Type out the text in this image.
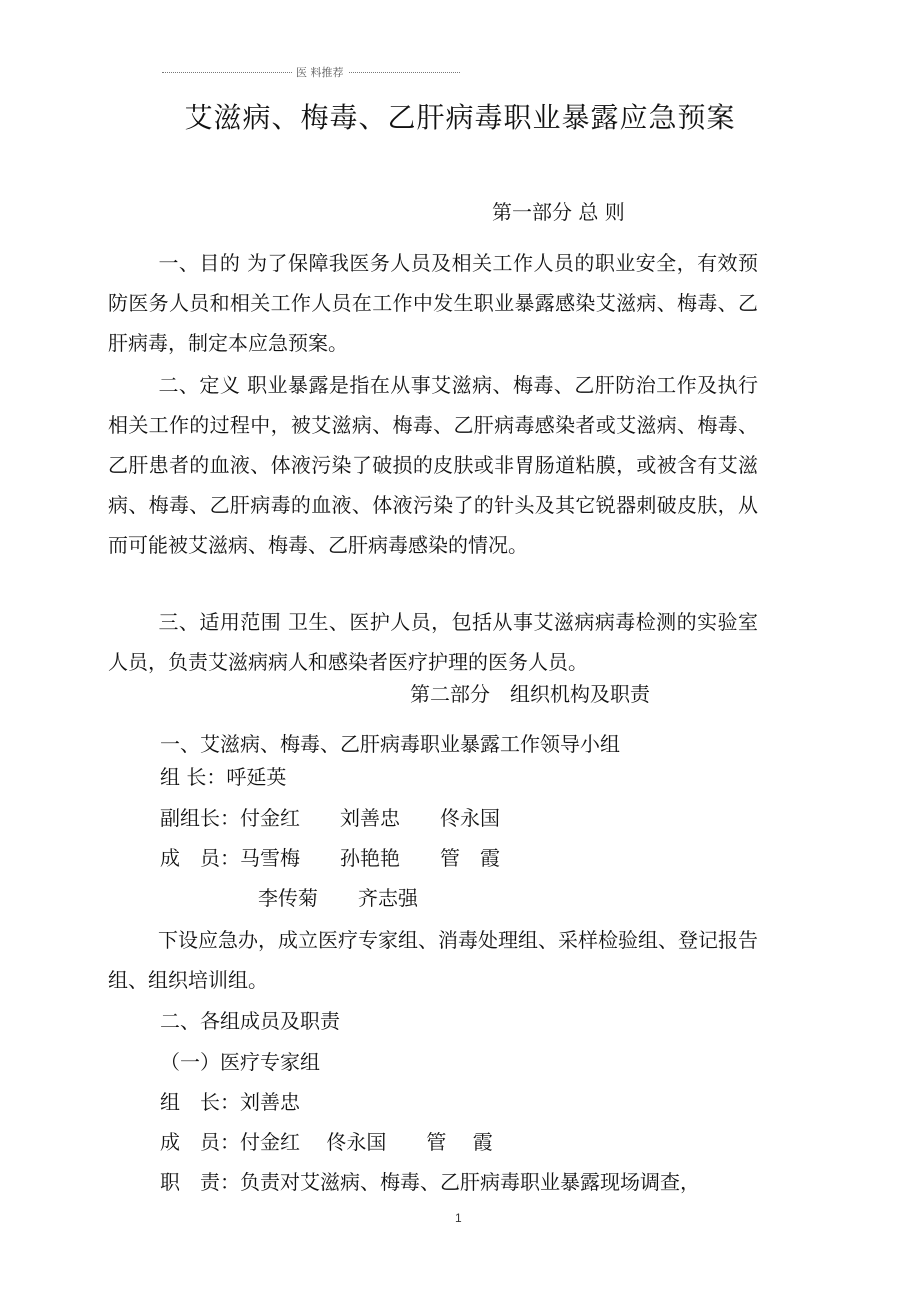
医 料推荐
艾滋病、梅毒、乙肝病毒职业暴露应急预案
第一部分 总 则
一、目的 为了保障我医务人员及相关工作人员的职业安全，有效预防医务人员和相关工作人员在工作中发生职业暴露感染艾滋病、梅毒、乙肝病毒，制定本应急预案。
二、定义 职业暴露是指在从事艾滋病、梅毒、乙肝防治工作及执行相关工作的过程中，被艾滋病、梅毒、乙肝病毒感染者或艾滋病、梅毒、乙肝患者的血液、体液污染了破损的皮肤或非胃肠道粘膜，或被含有艾滋病、梅毒、乙肝病毒的血液、体液污染了的针头及其它锐器刺破皮肤，从而可能被艾滋病、梅毒、乙肝病毒感染的情况。
三、适用范围 卫生、医护人员，包括从事艾滋病病毒检测的实验室人员，负责艾滋病病人和感染者医疗护理的医务人员。
第二部分　组织机构及职责
一、艾滋病、梅毒、乙肝病毒职业暴露工作领导小组
组 长：呼延英
副组长：付金红　　刘善忠　　佟永国
成　员：马雪梅　　孙艳艳　　管　霞
李传菊　　齐志强
下设应急办，成立医疗专家组、消毒处理组、采样检验组、登记报告组、组织培训组。
二、各组成员及职责
（一）医疗专家组
组　长：刘善忠
成　员：付金红　 佟永国　　管　 霞
职　责：负责对艾滋病、梅毒、乙肝病毒职业暴露现场调查，
1
